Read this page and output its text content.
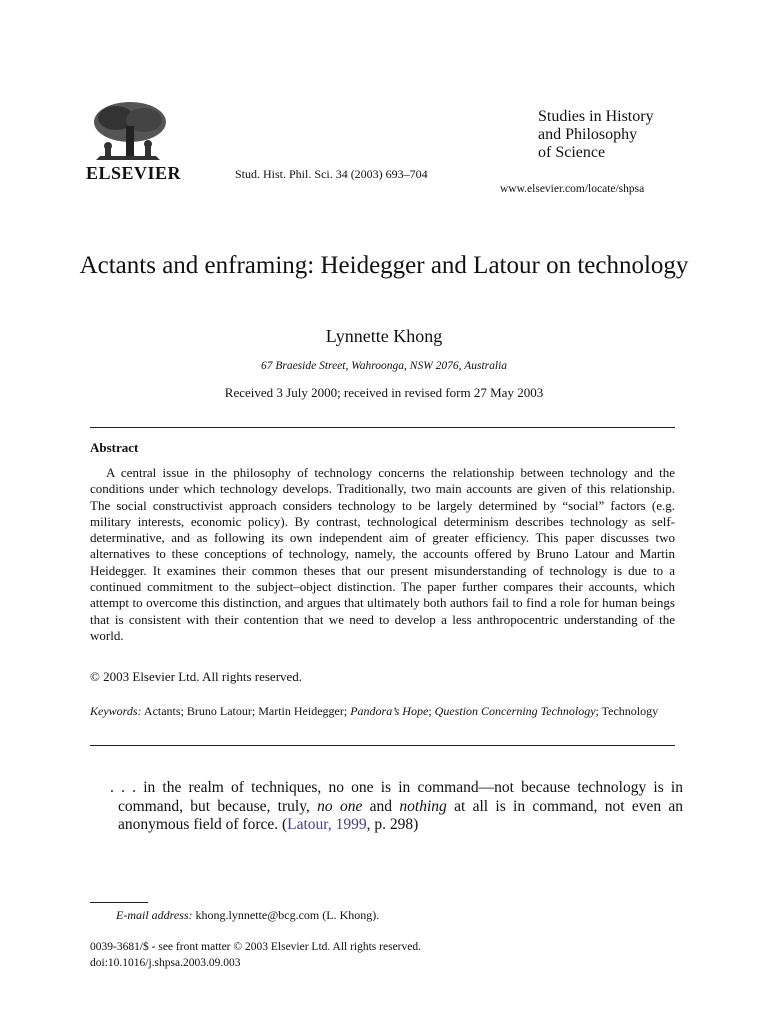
ELSEVIER	Stud. Hist. Phil. Sci. 34 (2003) 693–704
Studies in History
and Philosophy
of Science
www.elsevier.com/locate/shpsa
Actants and enframing: Heidegger and Latour on technology
Lynnette Khong
67 Braeside Street, Wahroonga, NSW 2076, Australia
Received 3 July 2000; received in revised form 27 May 2003
Abstract
A central issue in the philosophy of technology concerns the relationship between technology and the conditions under which technology develops. Traditionally, two main accounts are given of this relationship. The social constructivist approach considers technology to be largely determined by “social” factors (e.g. military interests, economic policy). By contrast, technological determinism describes technology as self-determinative, and as following its own independent aim of greater efficiency. This paper discusses two alternatives to these conceptions of technology, namely, the accounts offered by Bruno Latour and Martin Heidegger. It examines their common theses that our present misunderstanding of technology is due to a continued commitment to the subject–object distinction. The paper further compares their accounts, which attempt to overcome this distinction, and argues that ultimately both authors fail to find a role for human beings that is consistent with their contention that we need to develop a less anthropocentric understanding of the world.
© 2003 Elsevier Ltd. All rights reserved.
Keywords: Actants; Bruno Latour; Martin Heidegger; Pandora’s Hope; Question Concerning Technology; Technology
. . . in the realm of techniques, no one is in command—not because technology is in command, but because, truly, no one and nothing at all is in command, not even an anonymous field of force. (Latour, 1999, p. 298)
E-mail address: khong.lynnette@bcg.com (L. Khong).
0039-3681/$ - see front matter © 2003 Elsevier Ltd. All rights reserved.
doi:10.1016/j.shpsa.2003.09.003
